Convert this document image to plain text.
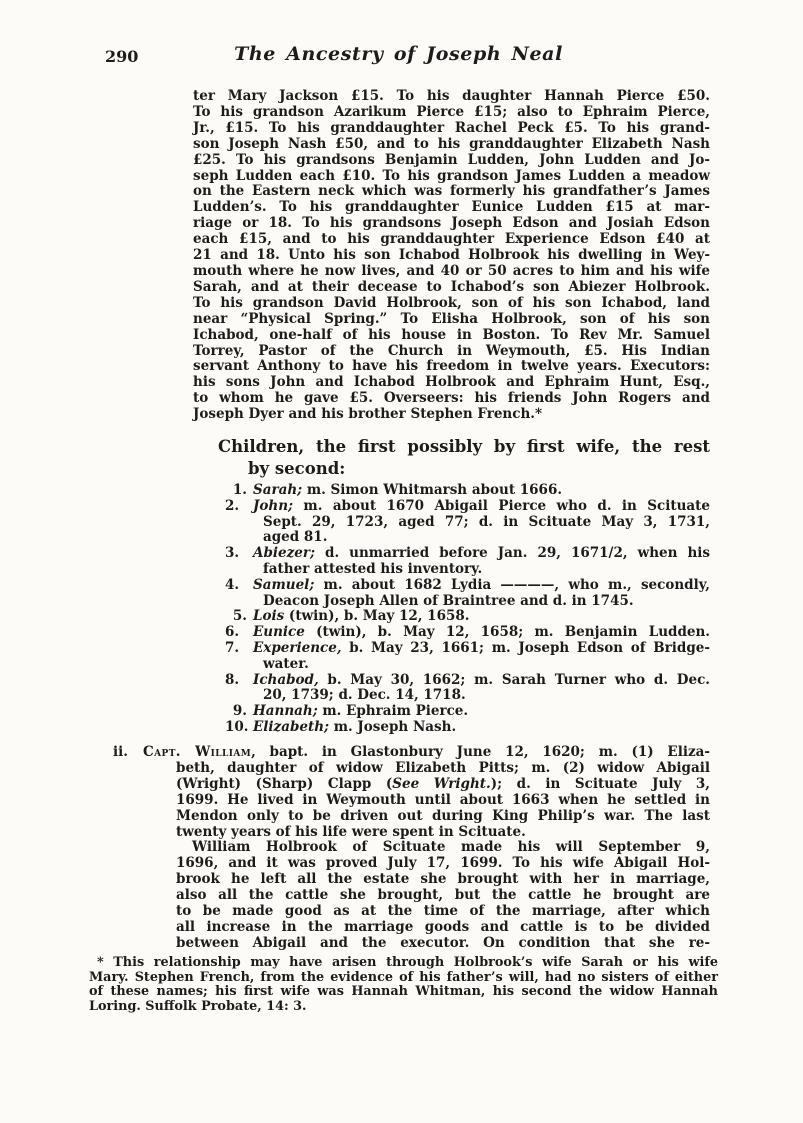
290	The Ancestry of Joseph Neal
ter Mary Jackson £15. To his daughter Hannah Pierce £50.
To his grandson Azarikum Pierce £15; also to Ephraim Pierce,
Jr., £15. To his granddaughter Rachel Peck £5. To his grand-
son Joseph Nash £50, and to his granddaughter Elizabeth Nash
£25. To his grandsons Benjamin Ludden, John Ludden and Jo-
seph Ludden each £10. To his grandson James Ludden a meadow
on the Eastern neck which was formerly his grandfather’s James
Ludden’s. To his granddaughter Eunice Ludden £15 at mar-
riage or 18. To his grandsons Joseph Edson and Josiah Edson
each £15, and to his granddaughter Experience Edson £40 at
21 and 18. Unto his son Ichabod Holbrook his dwelling in Wey-
mouth where he now lives, and 40 or 50 acres to him and his wife
Sarah, and at their decease to Ichabod’s son Abiezer Holbrook.
To his grandson David Holbrook, son of his son Ichabod, land
near “Physical Spring.” To Elisha Holbrook, son of his son
Ichabod, one-half of his house in Boston. To Rev Mr. Samuel
Torrey, Pastor of the Church in Weymouth, £5. His Indian
servant Anthony to have his freedom in twelve years. Executors:
his sons John and Ichabod Holbrook and Ephraim Hunt, Esq.,
to whom he gave £5. Overseers: his friends John Rogers and
Joseph Dyer and his brother Stephen French.*
Children, the first possibly by first wife, the rest
by second:
1. Sarah; m. Simon Whitmarsh about 1666.
2. John; m. about 1670 Abigail Pierce who d. in Scituate
Sept. 29, 1723, aged 77; d. in Scituate May 3, 1731,
aged 81.
3. Abiezer; d. unmarried before Jan. 29, 1671/2, when his
father attested his inventory.
4. Samuel; m. about 1682 Lydia ————, who m., secondly,
Deacon Joseph Allen of Braintree and d. in 1745.
5. Lois (twin), b. May 12, 1658.
6. Eunice (twin), b. May 12, 1658; m. Benjamin Ludden.
7. Experience, b. May 23, 1661; m. Joseph Edson of Bridge-
water.
8. Ichabod, b. May 30, 1662; m. Sarah Turner who d. Dec.
20, 1739; d. Dec. 14, 1718.
9. Hannah; m. Ephraim Pierce.
10. Elizabeth; m. Joseph Nash.
ii. Capt. William, bapt. in Glastonbury June 12, 1620; m. (1) Eliza-
beth, daughter of widow Elizabeth Pitts; m. (2) widow Abigail
(Wright) (Sharp) Clapp (See Wright.); d. in Scituate July 3,
1699. He lived in Weymouth until about 1663 when he settled in
Mendon only to be driven out during King Philip’s war. The last
twenty years of his life were spent in Scituate.
William Holbrook of Scituate made his will September 9,
1696, and it was proved July 17, 1699. To his wife Abigail Hol-
brook he left all the estate she brought with her in marriage,
also all the cattle she brought, but the cattle he brought are
to be made good as at the time of the marriage, after which
all increase in the marriage goods and cattle is to be divided
between Abigail and the executor. On condition that she re-
* This relationship may have arisen through Holbrook’s wife Sarah or his wife
Mary. Stephen French, from the evidence of his father’s will, had no sisters of either
of these names; his first wife was Hannah Whitman, his second the widow Hannah
Loring. Suffolk Probate, 14: 3.
